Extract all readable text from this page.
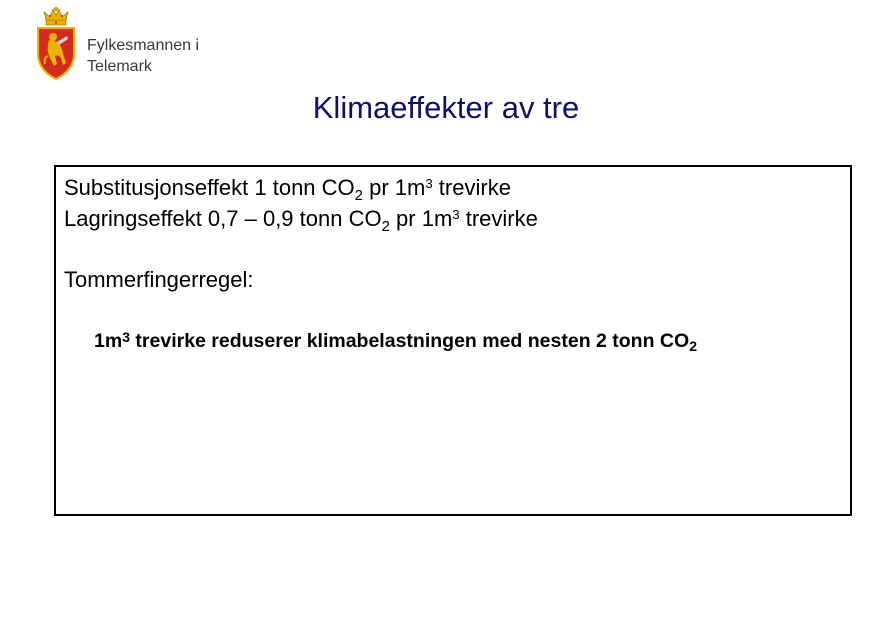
Fylkesmannen i
Telemark
Klimaeffekter av tre
Substitusjonseffekt 1 tonn $CO_2$ pr $1m^3$ trevirke
Lagringseffekt 0,7 – 0,9 tonn $CO_2$ pr $1m^3$ trevirke
Tommerfingerregel:
$1m^3$ trevirke reduserer klimabelastningen med nesten 2 tonn $CO_2$
